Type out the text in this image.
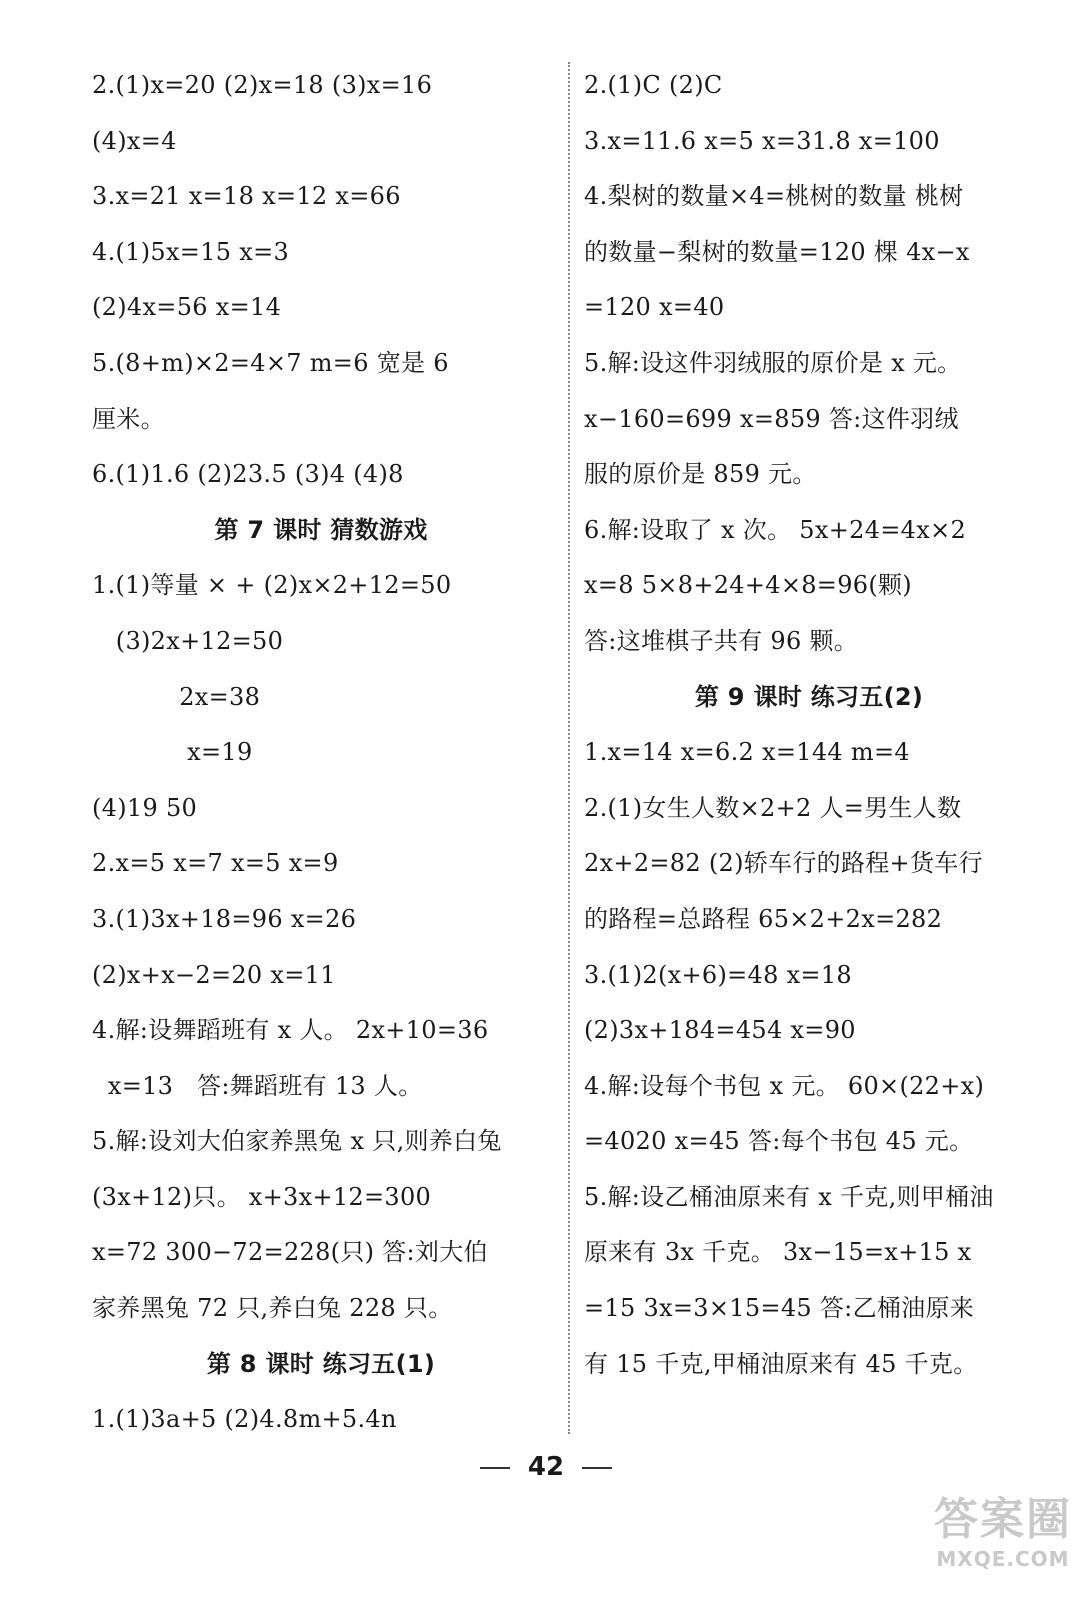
2.(1)x=20 (2)x=18 (3)x=16
(4)x=4
3.x=21 x=18 x=12 x=66
4.(1)5x=15 x=3
(2)4x=56 x=14
5.(8+m)×2=4×7 m=6 宽是 6
厘米。
6.(1)1.6 (2)23.5 (3)4 (4)8
第 7 课时 猜数游戏
1.(1)等量 × + (2)x×2+12=50
(3)2x+12=50
2x=38
x=19
(4)19 50
2.x=5 x=7 x=5 x=9
3.(1)3x+18=96 x=26
(2)x+x−2=20 x=11
4.解:设舞蹈班有 x 人。 2x+10=36
x=13   答:舞蹈班有 13 人。
5.解:设刘大伯家养黑兔 x 只,则养白兔
(3x+12)只。 x+3x+12=300
x=72 300−72=228(只) 答:刘大伯
家养黑兔 72 只,养白兔 228 只。
第 8 课时 练习五(1)
1.(1)3a+5 (2)4.8m+5.4n
2.(1)C (2)C
3.x=11.6 x=5 x=31.8 x=100
4.梨树的数量×4=桃树的数量 桃树
的数量−梨树的数量=120 棵 4x−x
=120 x=40
5.解:设这件羽绒服的原价是 x 元。
x−160=699 x=859 答:这件羽绒
服的原价是 859 元。
6.解:设取了 x 次。 5x+24=4x×2
x=8 5×8+24+4×8=96(颗)
答:这堆棋子共有 96 颗。
第 9 课时 练习五(2)
1.x=14 x=6.2 x=144 m=4
2.(1)女生人数×2+2 人=男生人数
2x+2=82 (2)轿车行的路程+货车行
的路程=总路程 65×2+2x=282
3.(1)2(x+6)=48 x=18
(2)3x+184=454 x=90
4.解:设每个书包 x 元。 60×(22+x)
=4020 x=45 答:每个书包 45 元。
5.解:设乙桶油原来有 x 千克,则甲桶油
原来有 3x 千克。 3x−15=x+15 x
=15 3x=3×15=45 答:乙桶油原来
有 15 千克,甲桶油原来有 45 千克。
42
答案圈
MXQE.COM
